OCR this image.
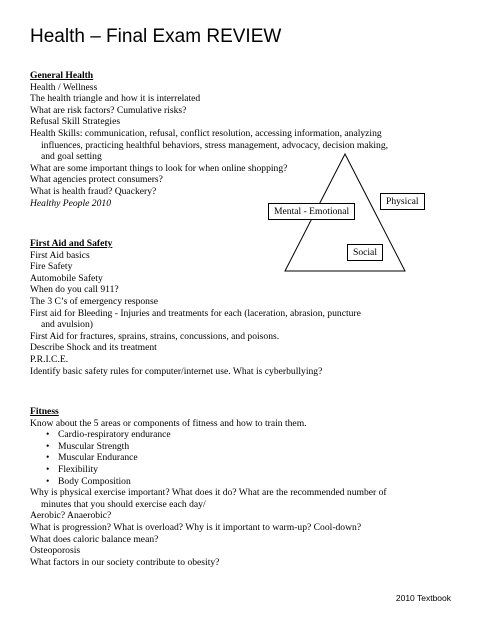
Health – Final Exam REVIEW
General Health
Health / Wellness
The health triangle and how it is interrelated
What are risk factors? Cumulative risks?
Refusal Skill Strategies
Health Skills: communication, refusal, conflict resolution, accessing information, analyzing
influences, practicing healthful behaviors, stress management, advocacy, decision making,
and goal setting
What are some important things to look for when online shopping?
What agencies protect consumers?
What is health fraud? Quackery?
Healthy People 2010	Physical
Mental - Emotional
Social
First Aid and Safety
First Aid basics
Fire Safety
Automobile Safety
When do you call 911?
The 3 C’s of emergency response
First aid for Bleeding - Injuries and treatments for each (laceration, abrasion, puncture
and avulsion)
First Aid for fractures, sprains, strains, concussions, and poisons.
Describe Shock and its treatment
P.R.I.C.E.
Identify basic safety rules for computer/internet use. What is cyberbullying?
Fitness
Know about the 5 areas or components of fitness and how to train them.
• Cardio-respiratory endurance
• Muscular Strength
• Muscular Endurance
• Flexibility
• Body Composition
Why is physical exercise important? What does it do? What are the recommended number of
minutes that you should exercise each day/
Aerobic? Anaerobic?
What is progression? What is overload? Why is it important to warm-up? Cool-down?
What does caloric balance mean?
Osteoporosis
What factors in our society contribute to obesity?
2010 Textbook
